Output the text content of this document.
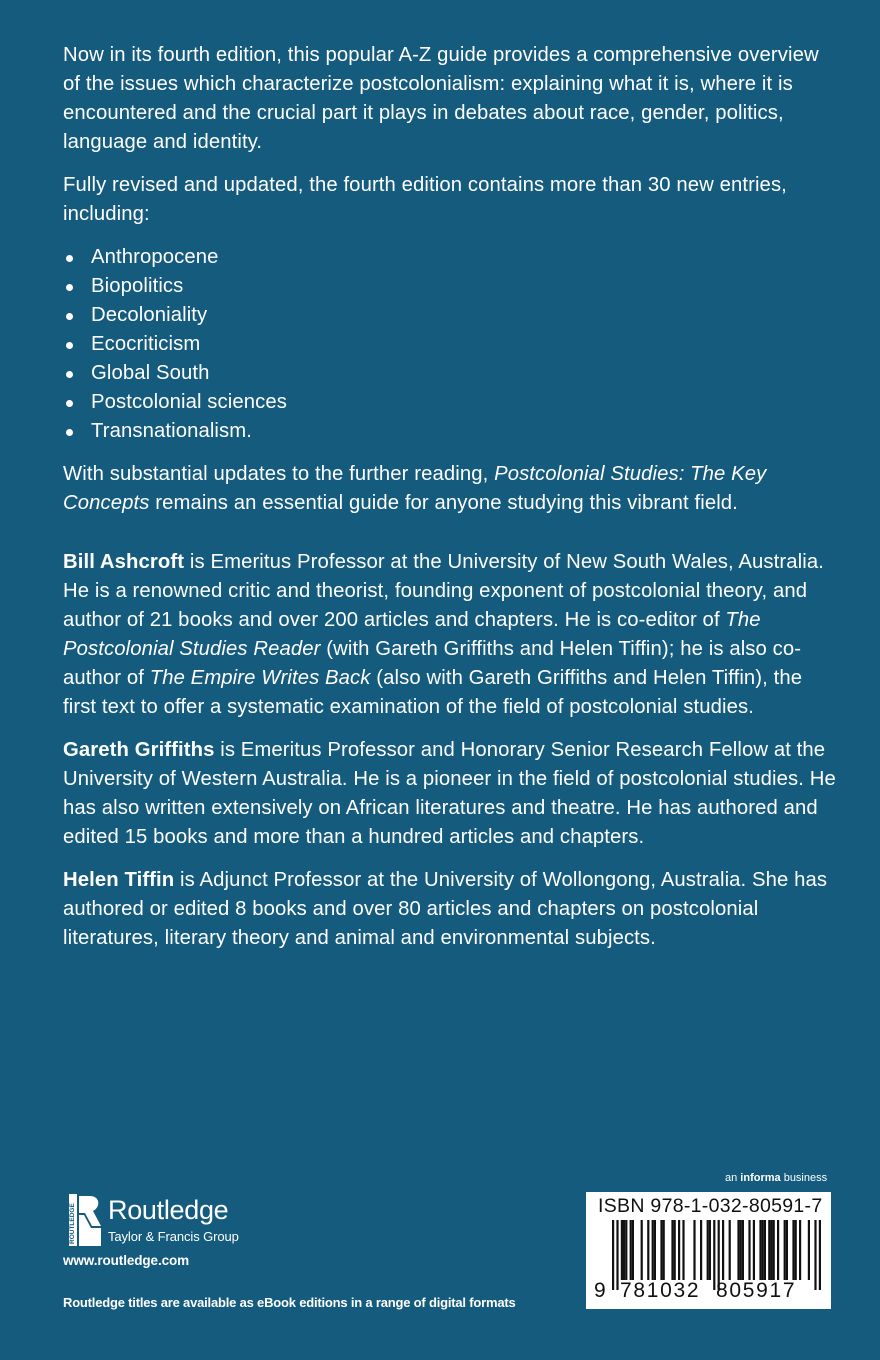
Now in its fourth edition, this popular A-Z guide provides a comprehensive overview of the issues which characterize postcolonialism: explaining what it is, where it is encountered and the crucial part it plays in debates about race, gender, politics, language and identity.

Fully revised and updated, the fourth edition contains more than 30 new entries, including:

Anthropocene
Biopolitics
Decoloniality
Ecocriticism
Global South
Postcolonial sciences
Transnationalism.

With substantial updates to the further reading, Postcolonial Studies: The Key Concepts remains an essential guide for anyone studying this vibrant field.

Bill Ashcroft is Emeritus Professor at the University of New South Wales, Australia. He is a renowned critic and theorist, founding exponent of postcolonial theory, and author of 21 books and over 200 articles and chapters. He is co-editor of The Postcolonial Studies Reader (with Gareth Griffiths and Helen Tiffin); he is also co-author of The Empire Writes Back (also with Gareth Griffiths and Helen Tiffin), the first text to offer a systematic examination of the field of postcolonial studies.

Gareth Griffiths is Emeritus Professor and Honorary Senior Research Fellow at the University of Western Australia. He is a pioneer in the field of postcolonial studies. He has also written extensively on African literatures and theatre. He has authored and edited 15 books and more than a hundred articles and chapters.

Helen Tiffin is Adjunct Professor at the University of Wollongong, Australia. She has authored or edited 8 books and over 80 articles and chapters on postcolonial literatures, literary theory and animal and environmental subjects.

an informa business
ROUTLEDGE Routledge
Taylor & Francis Group
www.routledge.com
Routledge titles are available as eBook editions in a range of digital formats
ISBN 978-1-032-80591-7
9 781032 805917
